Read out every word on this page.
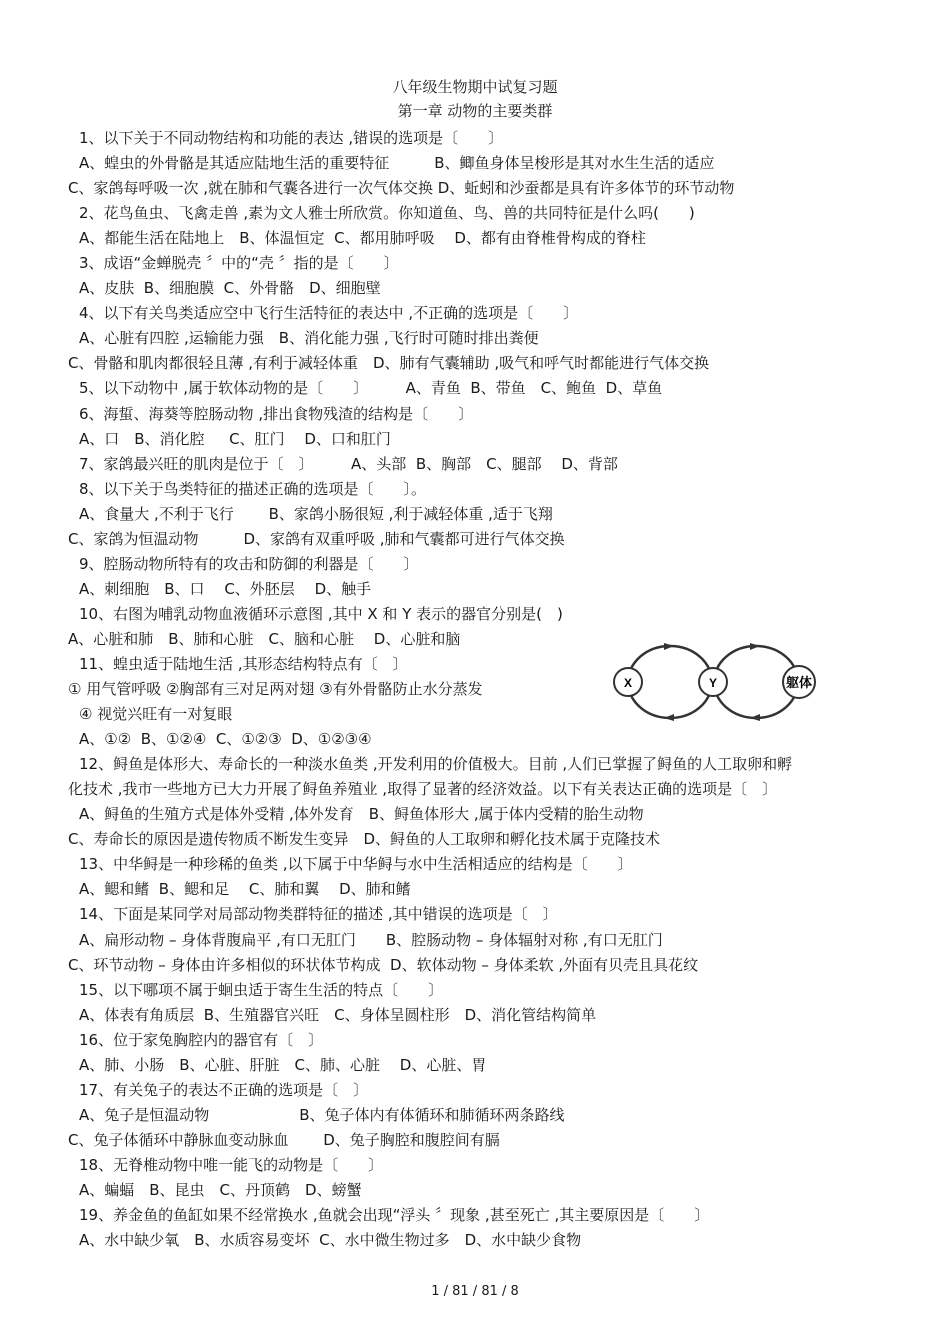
八年级生物期中试复习题
第一章 动物的主要类群
1、以下关于不同动物结构和功能的表达 ,错误的选项是〔　　〕
A、蝗虫的外骨骼是其适应陆地生活的重要特征　　　B、鲫鱼身体呈梭形是其对水生生活的适应
C、家鸽每呼吸一次 ,就在肺和气囊各进行一次气体交换 D、蚯蚓和沙蚕都是具有许多体节的环节动物
2、花鸟鱼虫、飞禽走兽 ,素为文人雅士所欣赏。你知道鱼、鸟、兽的共同特征是什么吗(　　)
A、都能生活在陆地上　B、体温恒定  C、都用肺呼吸　 D、都有由脊椎骨构成的脊柱
3、成语“金蝉脱壳 〞中的“壳 〞指的是〔　　〕
A、皮肤  B、细胞膜  C、外骨骼　D、细胞壁
4、以下有关鸟类适应空中飞行生活特征的表达中 ,不正确的选项是〔　　〕
A、心脏有四腔 ,运输能力强　B、消化能力强 ,飞行时可随时排出粪便
C、骨骼和肌肉都很轻且薄 ,有利于减轻体重　D、肺有气囊辅助 ,吸气和呼气时都能进行气体交换
5、以下动物中 ,属于软体动物的是〔　　〕　　　A、青鱼  B、带鱼　C、鲍鱼  D、草鱼
6、海蜇、海葵等腔肠动物 ,排出食物残渣的结构是〔　　〕
A、口　B、消化腔　  C、肛门　 D、口和肛门
7、家鸽最兴旺的肌肉是位于〔　〕　　　A、头部  B、胸部　C、腿部　 D、背部
8、以下关于鸟类特征的描述正确的选项是〔　　〕。
A、食量大 ,不利于飞行　　 B、家鸽小肠很短 ,利于减轻体重 ,适于飞翔
C、家鸽为恒温动物　　　D、家鸽有双重呼吸 ,肺和气囊都可进行气体交换
9、腔肠动物所特有的攻击和防御的利器是〔　　〕
A、刺细胞　B、口　 C、外胚层　 D、触手
10、右图为哺乳动物血液循环示意图 ,其中 X 和 Y 表示的器官分别是(　)
A、心脏和肺　B、肺和心脏　C、脑和心脏　 D、心脏和脑
11、蝗虫适于陆地生活 ,其形态结构特点有〔　〕
① 用气管呼吸 ②胸部有三对足两对翅 ③有外骨骼防止水分蒸发
④ 视觉兴旺有一对复眼
A、①②  B、①②④  C、①②③  D、①②③④
12、鲟鱼是体形大、寿命长的一种淡水鱼类 ,开发利用的价值极大。目前 ,人们已掌握了鲟鱼的人工取卵和孵
化技术 ,我市一些地方已大力开展了鲟鱼养殖业 ,取得了显著的经济效益。以下有关表达正确的选项是〔　〕
A、鲟鱼的生殖方式是体外受精 ,体外发育　B、鲟鱼体形大 ,属于体内受精的胎生动物
C、寿命长的原因是遗传物质不断发生变异　D、鲟鱼的人工取卵和孵化技术属于克隆技术
13、中华鲟是一种珍稀的鱼类 ,以下属于中华鲟与水中生活相适应的结构是〔　　〕
A、鳃和鳍  B、鳃和足　 C、肺和翼　 D、肺和鳍
14、下面是某同学对局部动物类群特征的描述 ,其中错误的选项是〔　〕
A、扁形动物 – 身体背腹扁平 ,有口无肛门　　B、腔肠动物 – 身体辐射对称 ,有口无肛门
C、环节动物 – 身体由许多相似的环状体节构成  D、软体动物 – 身体柔软 ,外面有贝壳且具花纹
15、以下哪项不属于蛔虫适于寄生生活的特点〔　　〕
A、体表有角质层  B、生殖器官兴旺　C、身体呈圆柱形　D、消化管结构简单
16、位于家兔胸腔内的器官有〔　〕
A、肺、小肠　B、心脏、肝脏　C、肺、心脏　 D、心脏、胃
17、有关兔子的表达不正确的选项是〔　〕
A、兔子是恒温动物　　　　　　B、兔子体内有体循环和肺循环两条路线
C、兔子体循环中静脉血变动脉血　　 D、兔子胸腔和腹腔间有膈
18、无脊椎动物中唯一能飞的动物是〔　　〕
A、蝙蝠　B、昆虫　C、丹顶鹤　D、螃蟹
19、养金鱼的鱼缸如果不经常换水 ,鱼就会出现“浮头 〞现象 ,甚至死亡 ,其主要原因是〔　　〕
A、水中缺少氧　B、水质容易变坏  C、水中微生物过多　D、水中缺少食物
X	Y	躯体
1 / 81 / 81 / 8
